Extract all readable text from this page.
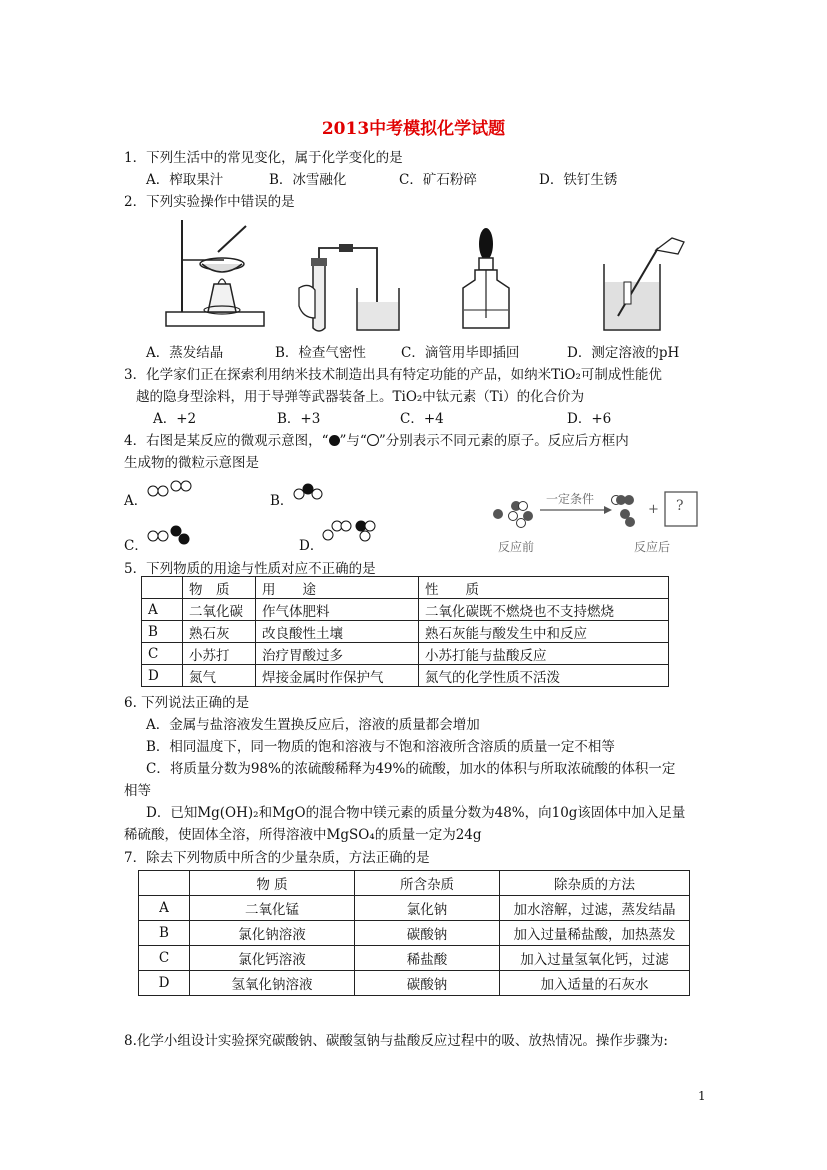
2013中考模拟化学试题
1．下列生活中的常见变化，属于化学变化的是
A．榨取果汁	B．冰雪融化	C．矿石粉碎	D．铁钉生锈
2．下列实验操作中错误的是
A．蒸发结晶	B．检查气密性	C．滴管用毕即插回	D．测定溶液的pH
3．化学家们正在探索利用纳米技术制造出具有特定功能的产品，如纳米TiO₂可制成性能优
越的隐身型涂料，用于导弹等武器装备上。TiO₂中钛元素（Ti）的化合价为
A．+2	B．+3	C．+4	D．+6
4．右图是某反应的微观示意图，“ ”与“ ”分别表示不同元素的原子。反应后方框内
生成物的微粒示意图是
A．	B．
C．	D．
一定条件
+ ?
反应前	反应后
5．下列物质的用途与性质对应不正确的是
	物　质	用　　途	性　　质
A	二氧化碳	作气体肥料	二氧化碳既不燃烧也不支持燃烧
B	熟石灰	改良酸性土壤	熟石灰能与酸发生中和反应
C	小苏打	治疗胃酸过多	小苏打能与盐酸反应
D	氮气	焊接金属时作保护气	氮气的化学性质不活泼
6. 下列说法正确的是
A．金属与盐溶液发生置换反应后，溶液的质量都会增加
B．相同温度下，同一物质的饱和溶液与不饱和溶液所含溶质的质量一定不相等
C．将质量分数为98%的浓硫酸稀释为49%的硫酸，加水的体积与所取浓硫酸的体积一定
相等
D．已知Mg(OH)₂和MgO的混合物中镁元素的质量分数为48%，向10g该固体中加入足量
稀硫酸，使固体全溶，所得溶液中MgSO₄的质量一定为24g
7．除去下列物质中所含的少量杂质，方法正确的是
	物 质	所含杂质	除杂质的方法
A	二氧化锰	氯化钠	加水溶解，过滤，蒸发结晶
B	氯化钠溶液	碳酸钠	加入过量稀盐酸，加热蒸发
C	氯化钙溶液	稀盐酸	加入过量氢氧化钙，过滤
D	氢氧化钠溶液	碳酸钠	加入适量的石灰水
8.化学小组设计实验探究碳酸钠、碳酸氢钠与盐酸反应过程中的吸、放热情况。操作步骤为:
1
